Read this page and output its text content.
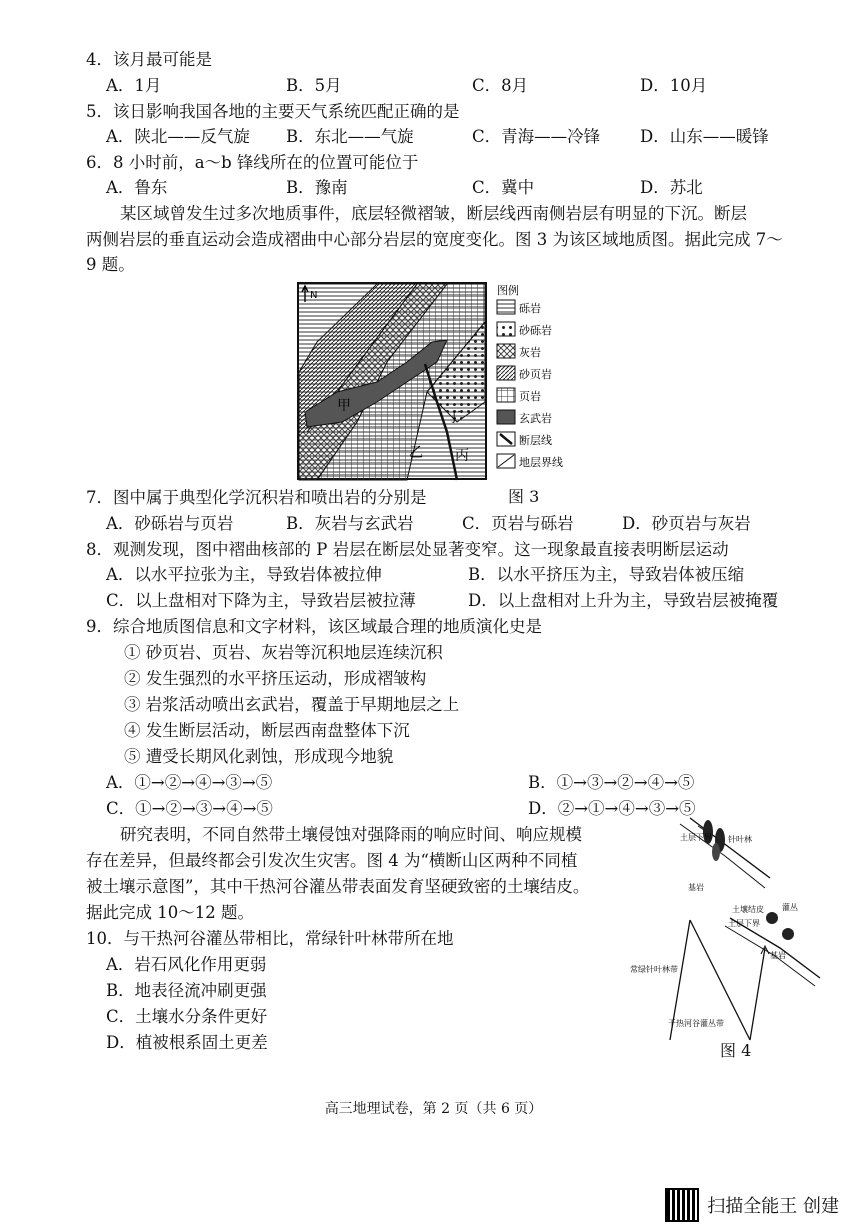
4．该月最可能是
A．1月	B．5月	C．8月	D．10月
5．该日影响我国各地的主要天气系统匹配正确的是
A．陕北——反气旋 B．东北——气旋	C．青海——冷锋 D．山东——暖锋
6．8 小时前，a～b 锋线所在的位置可能位于
A．鲁东	B．豫南	C．冀中	D．苏北
某区域曾发生过多次地质事件，底层轻微褶皱，断层线西南侧岩层有明显的下沉。断层
两侧岩层的垂直运动会造成褶曲中心部分岩层的宽度变化。图 3 为该区域地质图。据此完成 7～
9 题。
甲
乙 丙
丁
N	图例
砾岩
砂砾岩
灰岩
砂页岩
页岩
玄武岩
断层线
地层界线
图 3
7．图中属于典型化学沉积岩和喷出岩的分别是
A．砂砾岩与页岩	B．灰岩与玄武岩	C．页岩与砾岩	D．砂页岩与灰岩
8．观测发现，图中褶曲核部的 P 岩层在断层处显著变窄。这一现象最直接表明断层运动
A．以水平拉张为主，导致岩体被拉伸	B．以水平挤压为主，导致岩体被压缩
C．以上盘相对下降为主，导致岩层被拉薄	D．以上盘相对上升为主，导致岩层被掩覆
9．综合地质图信息和文字材料，该区域最合理的地质演化史是
① 砂页岩、页岩、灰岩等沉积地层连续沉积
② 发生强烈的水平挤压运动，形成褶皱构
③ 岩浆活动喷出玄武岩，覆盖于早期地层之上
④ 发生断层活动，断层西南盘整体下沉
⑤ 遭受长期风化剥蚀，形成现今地貌
A．①→②→④→③→⑤	B．①→③→②→④→⑤
C．①→②→③→④→⑤	D．②→①→④→③→⑤
研究表明，不同自然带土壤侵蚀对强降雨的响应时间、响应规模
存在差异，但最终都会引发次生灾害。图 4 为“横断山区两种不同植
被土壤示意图”，其中干热河谷灌丛带表面发育坚硬致密的土壤结皮。
据此完成 10～12 题。
10．与干热河谷灌丛带相比，常绿针叶林带所在地
A．岩石风化作用更弱
B．地表径流冲刷更强
C．土壤水分条件更好
D．植被根系固土更差
土层下界 针叶林
基岩
土壤结皮 灌丛
土层下界
基岩
常绿针叶林带
干热河谷灌丛带
图 4
高三地理试卷，第 2 页（共 6 页）
扫描全能王 创建
